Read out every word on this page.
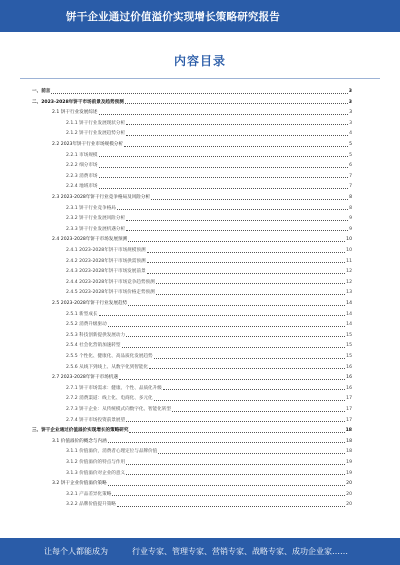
饼干企业通过价值溢价实现增长策略研究报告
内容目录
一、前言	3
二、2023-2028年饼干市场前景及趋势预测	3
2.1 饼干行业发展综述	3
2.1.1 饼干行业发展现状分析	3
2.1.2 饼干行业发展趋势分析	4
2.2 2023年饼干行业市场规模分析	5
2.2.1 市场规模	5
2.2.2 细分市场	6
2.2.3 消费市场	7
2.2.4 地域市场	7
2.3 2023-2028年饼干行业竞争格局及风险分析	8
2.3.1 饼干行业竞争格局	8
2.3.2 饼干行业发展风险分析	9
2.3.3 饼干行业发展机遇分析	9
2.4 2023-2028年饼干市场发展预测	10
2.4.1 2023-2028年饼干市场规模预测	10
2.4.2 2023-2028年饼干市场供需预测	11
2.4.3 2023-2028年饼干市场发展前景	12
2.4.4 2023-2028年饼干市场竞争趋势预测	12
2.4.5 2023-2028年饼干市场价格走势预测	13
2.5 2023-2028年饼干行业发展趋势	14
2.5.1 新型成长	14
2.5.2 消费升级驱动	14
2.5.3 科技创新提供发展动力	15
2.5.4 社会化营销加速转型	15
2.5.5 个性化、健康化、高品质化发展趋势	15
2.5.6 从线下到线上、从数字化到智能化	16
2.7 2023-2028年饼干市场机遇	16
2.7.1 饼干市场需求：健康、个性、品质化升级	16
2.7.2 消费渠道：线上化、电商化、多元化	17
2.7.3 饼干企业：从传统模式向数字化、智能化转型	17
2.7.4 饼干市场投资前景展望	17
三、饼干企业通过价值溢价实现增长的策略研究	18
3.1 价值溢价的概念与内涵	18
3.1.1 价值溢价，消费者心理定位与品牌价值	18
3.1.2 价值溢价的特点与作用	19
3.1.3 价值溢价对企业的意义	19
3.2 饼干企业价值溢价策略	20
3.2.1 产品差异化策略	20
3.2.2 品牌价值提升策略	20
让每个人都能成为	行业专家、管理专家、营销专家、战略专家、成功企业家……
